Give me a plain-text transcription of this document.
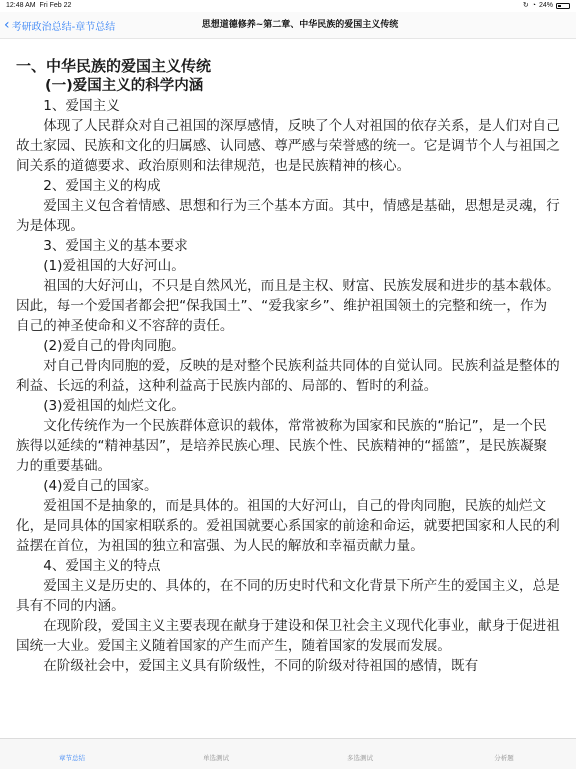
12:48 AM Fri Feb 22	↻ ◔ 24%
‹ 考研政治总结-章节总结	思想道德修养~第二章、中华民族的爱国主义传统

一、中华民族的爱国主义传统

(一)爱国主义的科学内涵

1、爱国主义

体现了人民群众对自己祖国的深厚感情，反映了个人对祖国的依存关系，是人们对自己故土家园、民族和文化的归属感、认同感、尊严感与荣誉感的统一。它是调节个人与祖国之间关系的道德要求、政治原则和法律规范，也是民族精神的核心。

2、爱国主义的构成

爱国主义包含着情感、思想和行为三个基本方面。其中，情感是基础，思想是灵魂，行为是体现。

3、爱国主义的基本要求

(1)爱祖国的大好河山。

祖国的大好河山，不只是自然风光，而且是主权、财富、民族发展和进步的基本载体。因此，每一个爱国者都会把“保我国土”、“爱我家乡”、维护祖国领土的完整和统一，作为自己的神圣使命和义不容辞的责任。

(2)爱自己的骨肉同胞。

对自己骨肉同胞的爱，反映的是对整个民族利益共同体的自觉认同。民族利益是整体的利益、长远的利益，这种利益高于民族内部的、局部的、暂时的利益。

(3)爱祖国的灿烂文化。

文化传统作为一个民族群体意识的载体，常常被称为国家和民族的“胎记”，是一个民族得以延续的“精神基因”，是培养民族心理、民族个性、民族精神的“摇篮”，是民族凝聚力的重要基础。

(4)爱自己的国家。

爱祖国不是抽象的，而是具体的。祖国的大好河山，自己的骨肉同胞，民族的灿烂文化，是同具体的国家相联系的。爱祖国就要心系国家的前途和命运，就要把国家和人民的利益摆在首位，为祖国的独立和富强、为人民的解放和幸福贡献力量。

4、爱国主义的特点

爱国主义是历史的、具体的，在不同的历史时代和文化背景下所产生的爱国主义，总是具有不同的内涵。

在现阶段，爱国主义主要表现在献身于建设和保卫社会主义现代化事业，献身于促进祖国统一大业。爱国主义随着国家的产生而产生，随着国家的发展而发展。

在阶级社会中，爱国主义具有阶级性，不同的阶级对待祖国的感情，既有

章节总结	单选测试	多选测试	分析题
